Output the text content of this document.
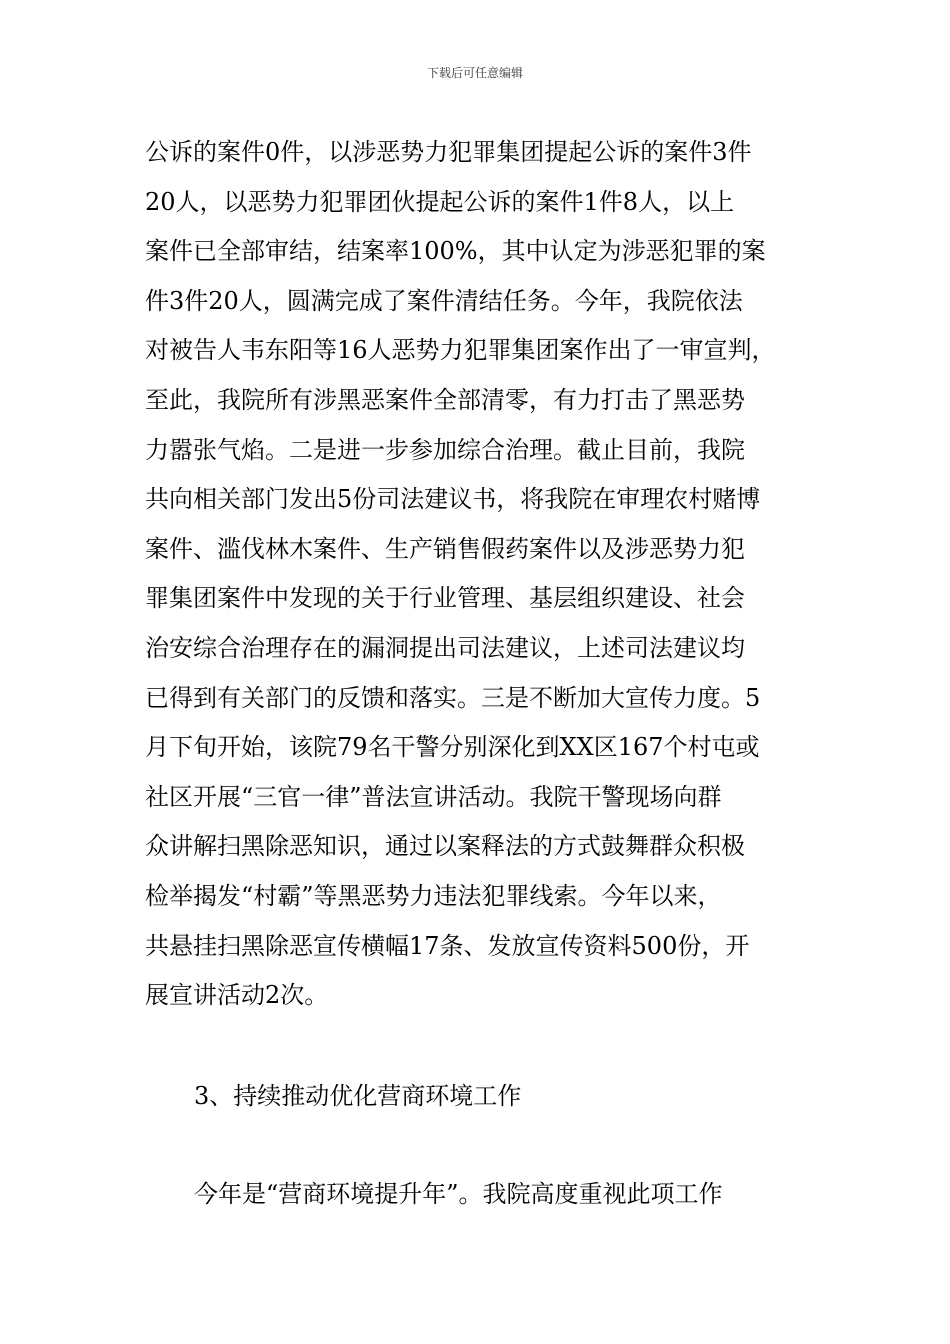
下载后可任意编辑
公诉的案件0件，以涉恶势力犯罪集团提起公诉的案件3件
20人，以恶势力犯罪团伙提起公诉的案件1件8人，以上
案件已全部审结，结案率100%，其中认定为涉恶犯罪的案
件3件20人，圆满完成了案件清结任务。今年，我院依法
对被告人韦东阳等16人恶势力犯罪集团案作出了一审宣判，
至此，我院所有涉黑恶案件全部清零，有力打击了黑恶势
力嚣张气焰。二是进一步参加综合治理。截止目前，我院
共向相关部门发出5份司法建议书，将我院在审理农村赌博
案件、滥伐林木案件、生产销售假药案件以及涉恶势力犯
罪集团案件中发现的关于行业管理、基层组织建设、社会
治安综合治理存在的漏洞提出司法建议，上述司法建议均
已得到有关部门的反馈和落实。三是不断加大宣传力度。5
月下旬开始，该院79名干警分别深化到XX区167个村屯或
社区开展“三官一律”普法宣讲活动。我院干警现场向群
众讲解扫黑除恶知识，通过以案释法的方式鼓舞群众积极
检举揭发“村霸”等黑恶势力违法犯罪线索。今年以来，
共悬挂扫黑除恶宣传横幅17条、发放宣传资料500份，开
展宣讲活动2次。
3、持续推动优化营商环境工作
今年是“营商环境提升年”。我院高度重视此项工作
